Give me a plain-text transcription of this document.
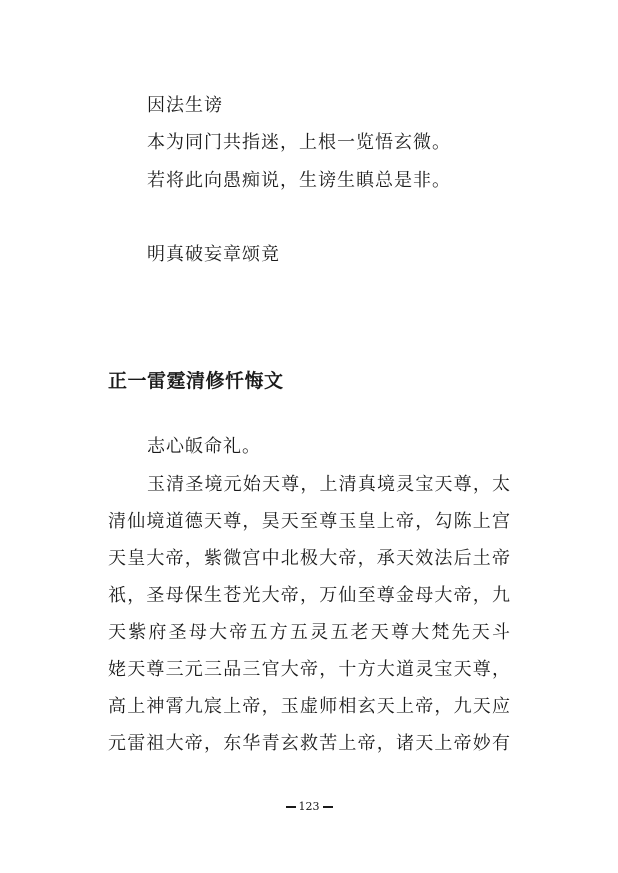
因法生谤
本为同门共指迷，上根一览悟玄微。
若将此向愚痴说，生谤生瞋总是非。
明真破妄章颂竟
正一雷霆清修忏悔文
志心皈命礼。
玉清圣境元始天尊，上清真境灵宝天尊，太
清仙境道德天尊，昊天至尊玉皇上帝，勾陈上宫
天皇大帝，紫微宫中北极大帝，承天效法后土帝
祇，圣母保生苍光大帝，万仙至尊金母大帝，九
天紫府圣母大帝五方五灵五老天尊大梵先天斗
姥天尊三元三品三官大帝，十方大道灵宝天尊，
高上神霄九宸上帝，玉虚师相玄天上帝，九天应
元雷祖大帝，东华青玄救苦上帝，诸天上帝妙有
123
